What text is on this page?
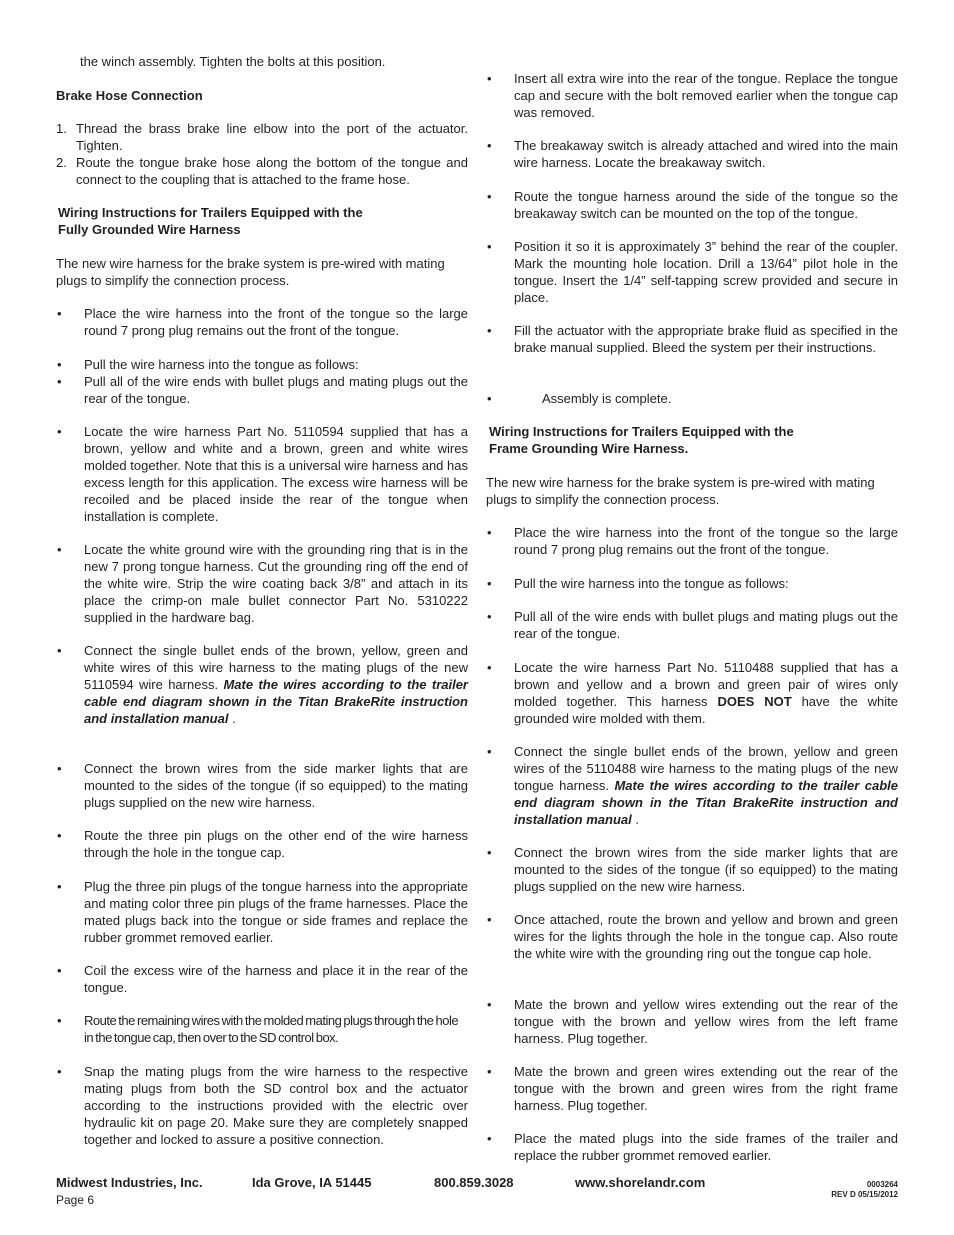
the winch assembly. Tighten the bolts at this position.

Brake Hose Connection

1. Thread the brass brake line elbow into the port of the actuator. Tighten.
2. Route the tongue brake hose along the bottom of the tongue and connect to the coupling that is attached to the frame hose.
Wiring Instructions for Trailers Equipped with the
Fully Grounded Wire Harness

The new wire harness for the brake system is pre-wired with mating plugs to simplify the connection process.

• Place the wire harness into the front of the tongue so the large round 7 prong plug remains out the front of the tongue.
• Pull the wire harness into the tongue as follows:
• Pull all of the wire ends with bullet plugs and mating plugs out the rear of the tongue.
• Locate the wire harness Part No. 5110594 supplied that has a brown, yellow and white and a brown, green and white wires molded together. Note that this is a universal wire harness and has excess length for this application. The excess wire harness will be recoiled and be placed inside the rear of the tongue when installation is complete.
• Locate the white ground wire with the grounding ring that is in the new 7 prong tongue harness. Cut the grounding ring off the end of the white wire. Strip the wire coating back 3/8” and attach in its place the crimp-on male bullet connector Part No. 5310222 supplied in the hardware bag.
• Connect the single bullet ends of the brown, yellow, green and white wires of this wire harness to the mating plugs of the new 5110594 wire harness. Mate the wires according to the trailer cable end diagram shown in the Titan BrakeRite instruction and installation manual .
• Connect the brown wires from the side marker lights that are mounted to the sides of the tongue (if so equipped) to the mating plugs supplied on the new wire harness.
• Route the three pin plugs on the other end of the wire harness through the hole in the tongue cap.
• Plug the three pin plugs of the tongue harness into the appropriate and mating color three pin plugs of the frame harnesses. Place the mated plugs back into the tongue or side frames and replace the rubber grommet removed earlier.
• Coil the excess wire of the harness and place it in the rear of the tongue.
• Route the remaining wires with the molded mating plugs through the hole in the tongue cap, then over to the SD control box.
• Snap the mating plugs from the wire harness to the respective mating plugs from both the SD control box and the actuator according to the instructions provided with the electric over hydraulic kit on page 20. Make sure they are completely snapped together and locked to assure a positive connection.
• Insert all extra wire into the rear of the tongue. Replace the tongue cap and secure with the bolt removed earlier when the tongue cap was removed.
• The breakaway switch is already attached and wired into the main wire harness. Locate the breakaway switch.
• Route the tongue harness around the side of the tongue so the breakaway switch can be mounted on the top of the tongue.
• Position it so it is approximately 3” behind the rear of the coupler. Mark the mounting hole location. Drill a 13/64” pilot hole in the tongue. Insert the 1/4” self-tapping screw provided and secure in place.
• Fill the actuator with the appropriate brake fluid as specified in the brake manual supplied. Bleed the system per their instructions.
• Assembly is complete.
Wiring Instructions for Trailers Equipped with the
Frame Grounding Wire Harness.

The new wire harness for the brake system is pre-wired with mating plugs to simplify the connection process.

• Place the wire harness into the front of the tongue so the large round 7 prong plug remains out the front of the tongue.
• Pull the wire harness into the tongue as follows:
• Pull all of the wire ends with bullet plugs and mating plugs out the rear of the tongue.
• Locate the wire harness Part No. 5110488 supplied that has a brown and yellow and a brown and green pair of wires only molded together. This harness DOES NOT have the white grounded wire molded with them.
• Connect the single bullet ends of the brown, yellow and green wires of the 5110488 wire harness to the mating plugs of the new tongue harness. Mate the wires according to the trailer cable end diagram shown in the Titan BrakeRite instruction and installation manual .
• Connect the brown wires from the side marker lights that are mounted to the sides of the tongue (if so equipped) to the mating plugs supplied on the new wire harness.
• Once attached, route the brown and yellow and brown and green wires for the lights through the hole in the tongue cap. Also route the white wire with the grounding ring out the tongue cap hole.
• Mate the brown and yellow wires extending out the rear of the tongue with the brown and yellow wires from the left frame harness. Plug together.
• Mate the brown and green wires extending out the rear of the tongue with the brown and green wires from the right frame harness. Plug together.
• Place the mated plugs into the side frames of the trailer and replace the rubber grommet removed earlier.
Midwest Industries, Inc.	Ida Grove, IA 51445	800.859.3028	www.shorelandr.com
Page 6
0003264
REV D 05/15/2012
